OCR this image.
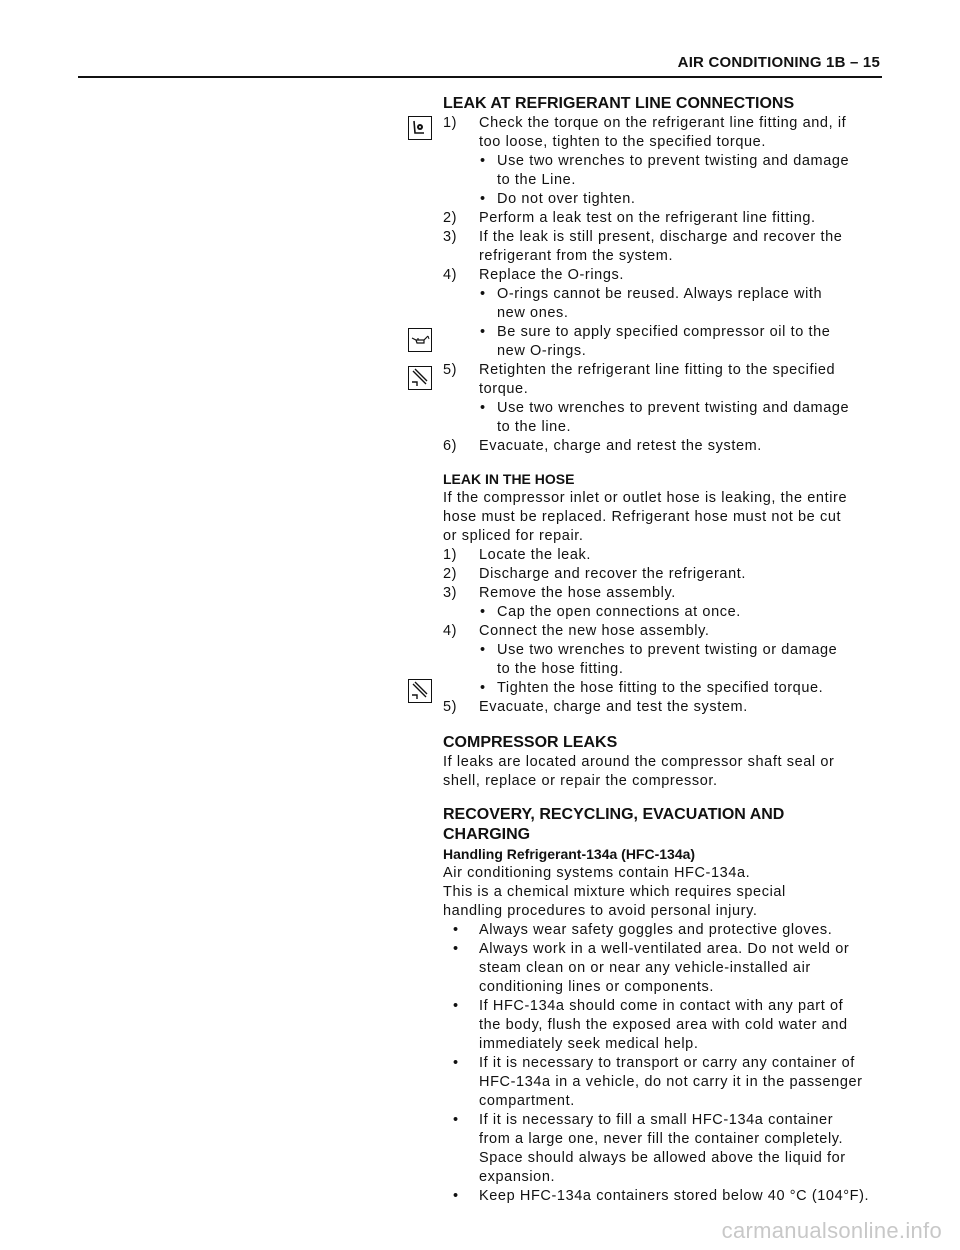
AIR CONDITIONING 1B – 15
LEAK AT REFRIGERANT LINE CONNECTIONS
1) Check the torque on the refrigerant line fitting and, if
too loose, tighten to the specified torque.
• Use two wrenches to prevent twisting and damage
to the Line.
• Do not over tighten.
2) Perform a leak test on the refrigerant line fitting.
3) If the leak is still present, discharge and recover the
refrigerant from the system.
4) Replace the O-rings.
• O-rings cannot be reused. Always replace with
new ones.
• Be sure to apply specified compressor oil to the
new O-rings.
5) Retighten the refrigerant line fitting to the specified
torque.
• Use two wrenches to prevent twisting and damage
to the line.
6) Evacuate, charge and retest the system.
LEAK IN THE HOSE
If the compressor inlet or outlet hose is leaking, the entire
hose must be replaced. Refrigerant hose must not be cut
or spliced for repair.
1) Locate the leak.
2) Discharge and recover the refrigerant.
3) Remove the hose assembly.
• Cap the open connections at once.
4) Connect the new hose assembly.
• Use two wrenches to prevent twisting or damage
to the hose fitting.
• Tighten the hose fitting to the specified torque.
5) Evacuate, charge and test the system.
COMPRESSOR LEAKS
If leaks are located around the compressor shaft seal or
shell, replace or repair the compressor.
RECOVERY, RECYCLING, EVACUATION AND
CHARGING
Handling Refrigerant-134a (HFC-134a)
Air conditioning systems contain HFC-134a.
This is a chemical mixture which requires special
handling procedures to avoid personal injury.
• Always wear safety goggles and protective gloves.
• Always work in a well-ventilated area. Do not weld or
steam clean on or near any vehicle-installed air
conditioning lines or components.
• If HFC-134a should come in contact with any part of
the body, flush the exposed area with cold water and
immediately seek medical help.
• If it is necessary to transport or carry any container of
HFC-134a in a vehicle, do not carry it in the passenger
compartment.
• If it is necessary to fill a small HFC-134a container
from a large one, never fill the container completely.
Space should always be allowed above the liquid for
expansion.
• Keep HFC-134a containers stored below 40 °C (104°F).
carmanualsonline.info
